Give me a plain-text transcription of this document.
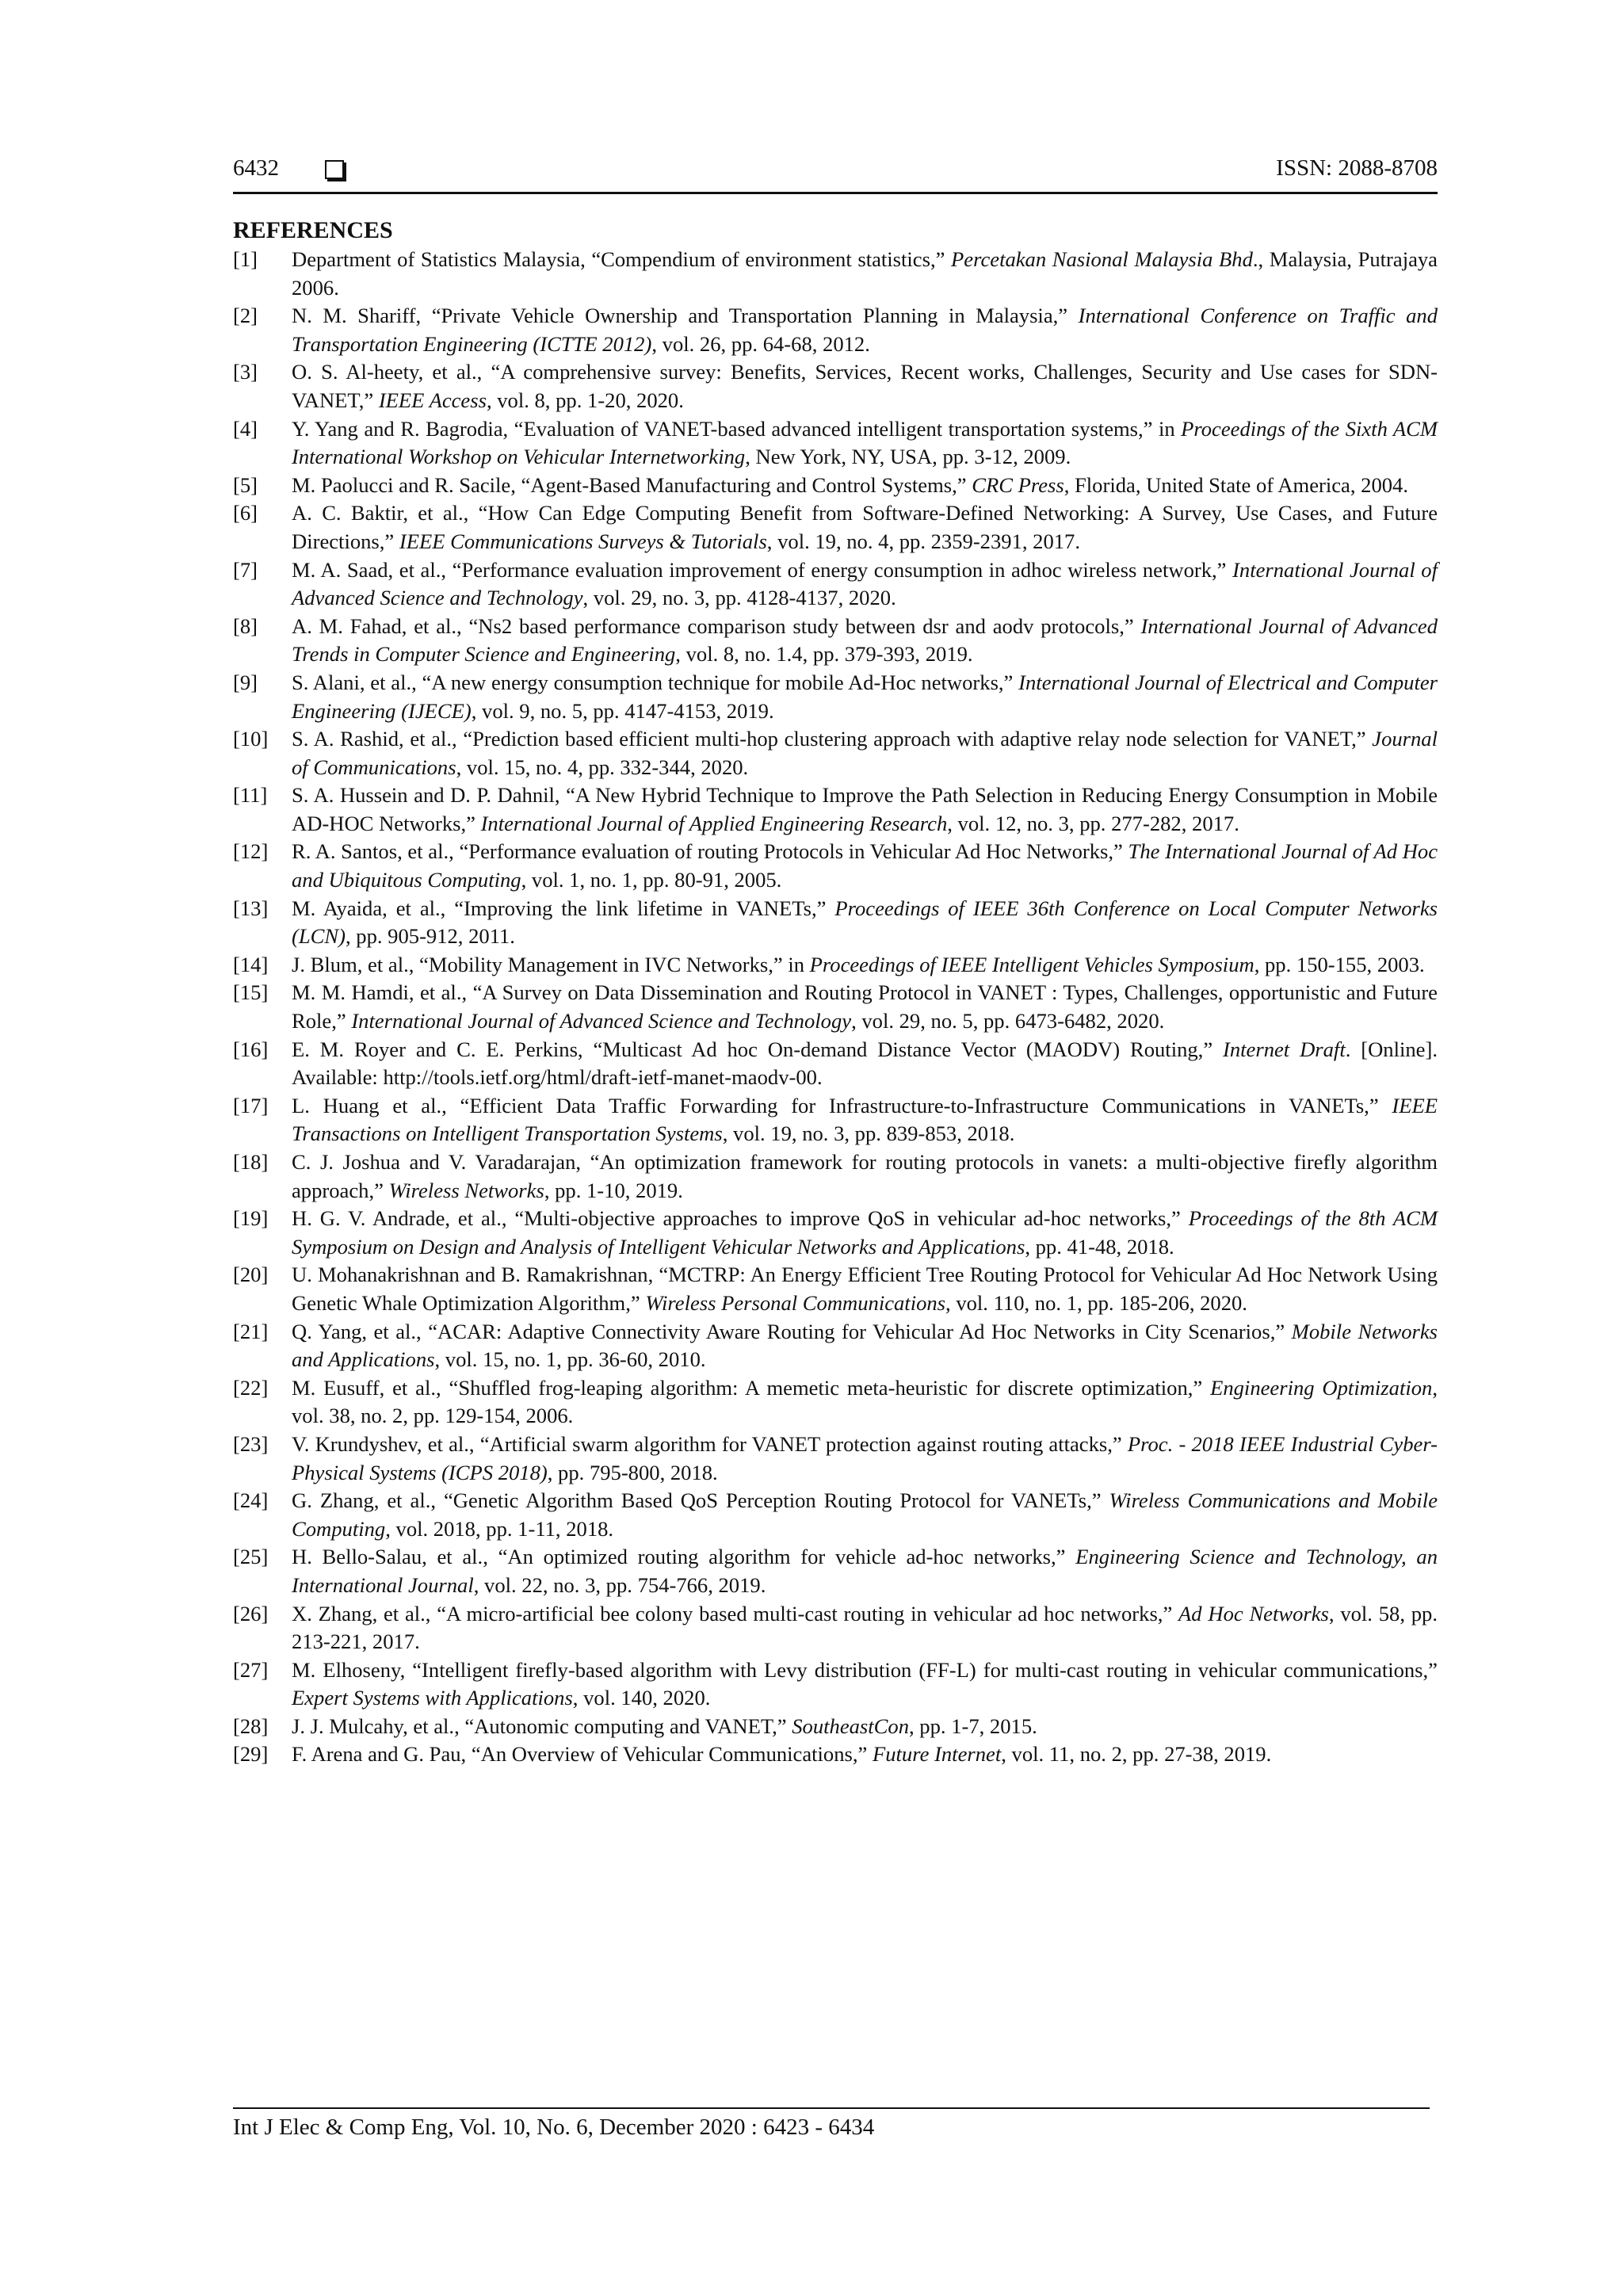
6432	ISSN: 2088-8708
REFERENCES
[1] Department of Statistics Malaysia, “Compendium of environment statistics,” Percetakan Nasional Malaysia Bhd., Malaysia, Putrajaya 2006.
[2] N. M. Shariff, “Private Vehicle Ownership and Transportation Planning in Malaysia,” International Conference on Traffic and Transportation Engineering (ICTTE 2012), vol. 26, pp. 64-68, 2012.
[3] O. S. Al-heety, et al., “A comprehensive survey: Benefits, Services, Recent works, Challenges, Security and Use cases for SDN-VANET,” IEEE Access, vol. 8, pp. 1-20, 2020.
[4] Y. Yang and R. Bagrodia, “Evaluation of VANET-based advanced intelligent transportation systems,” in Proceedings of the Sixth ACM International Workshop on Vehicular Internetworking, New York, NY, USA, pp. 3-12, 2009.
[5] M. Paolucci and R. Sacile, “Agent-Based Manufacturing and Control Systems,” CRC Press, Florida, United State of America, 2004.
[6] A. C. Baktir, et al., “How Can Edge Computing Benefit from Software-Defined Networking: A Survey, Use Cases, and Future Directions,” IEEE Communications Surveys & Tutorials, vol. 19, no. 4, pp. 2359-2391, 2017.
[7] M. A. Saad, et al., “Performance evaluation improvement of energy consumption in adhoc wireless network,” International Journal of Advanced Science and Technology, vol. 29, no. 3, pp. 4128-4137, 2020.
[8] A. M. Fahad, et al., “Ns2 based performance comparison study between dsr and aodv protocols,” International Journal of Advanced Trends in Computer Science and Engineering, vol. 8, no. 1.4, pp. 379-393, 2019.
[9] S. Alani, et al., “A new energy consumption technique for mobile Ad-Hoc networks,” International Journal of Electrical and Computer Engineering (IJECE), vol. 9, no. 5, pp. 4147-4153, 2019.
[10] S. A. Rashid, et al., “Prediction based efficient multi-hop clustering approach with adaptive relay node selection for VANET,” Journal of Communications, vol. 15, no. 4, pp. 332-344, 2020.
[11] S. A. Hussein and D. P. Dahnil, “A New Hybrid Technique to Improve the Path Selection in Reducing Energy Consumption in Mobile AD-HOC Networks,” International Journal of Applied Engineering Research, vol. 12, no. 3, pp. 277-282, 2017.
[12] R. A. Santos, et al., “Performance evaluation of routing Protocols in Vehicular Ad Hoc Networks,” The International Journal of Ad Hoc and Ubiquitous Computing, vol. 1, no. 1, pp. 80-91, 2005.
[13] M. Ayaida, et al., “Improving the link lifetime in VANETs,” Proceedings of IEEE 36th Conference on Local Computer Networks (LCN), pp. 905-912, 2011.
[14] J. Blum, et al., “Mobility Management in IVC Networks,” in Proceedings of IEEE Intelligent Vehicles Symposium, pp. 150-155, 2003.
[15] M. M. Hamdi, et al., “A Survey on Data Dissemination and Routing Protocol in VANET : Types, Challenges, opportunistic and Future Role,” International Journal of Advanced Science and Technology, vol. 29, no. 5, pp. 6473-6482, 2020.
[16] E. M. Royer and C. E. Perkins, “Multicast Ad hoc On-demand Distance Vector (MAODV) Routing,” Internet Draft. [Online]. Available: http://tools.ietf.org/html/draft-ietf-manet-maodv-00.
[17] L. Huang et al., “Efficient Data Traffic Forwarding for Infrastructure-to-Infrastructure Communications in VANETs,” IEEE Transactions on Intelligent Transportation Systems, vol. 19, no. 3, pp. 839-853, 2018.
[18] C. J. Joshua and V. Varadarajan, “An optimization framework for routing protocols in vanets: a multi-objective firefly algorithm approach,” Wireless Networks, pp. 1-10, 2019.
[19] H. G. V. Andrade, et al., “Multi-objective approaches to improve QoS in vehicular ad-hoc networks,” Proceedings of the 8th ACM Symposium on Design and Analysis of Intelligent Vehicular Networks and Applications, pp. 41-48, 2018.
[20] U. Mohanakrishnan and B. Ramakrishnan, “MCTRP: An Energy Efficient Tree Routing Protocol for Vehicular Ad Hoc Network Using Genetic Whale Optimization Algorithm,” Wireless Personal Communications, vol. 110, no. 1, pp. 185-206, 2020.
[21] Q. Yang, et al., “ACAR: Adaptive Connectivity Aware Routing for Vehicular Ad Hoc Networks in City Scenarios,” Mobile Networks and Applications, vol. 15, no. 1, pp. 36-60, 2010.
[22] M. Eusuff, et al., “Shuffled frog-leaping algorithm: A memetic meta-heuristic for discrete optimization,” Engineering Optimization, vol. 38, no. 2, pp. 129-154, 2006.
[23] V. Krundyshev, et al., “Artificial swarm algorithm for VANET protection against routing attacks,” Proc. - 2018 IEEE Industrial Cyber-Physical Systems (ICPS 2018), pp. 795-800, 2018.
[24] G. Zhang, et al., “Genetic Algorithm Based QoS Perception Routing Protocol for VANETs,” Wireless Communications and Mobile Computing, vol. 2018, pp. 1-11, 2018.
[25] H. Bello-Salau, et al., “An optimized routing algorithm for vehicle ad-hoc networks,” Engineering Science and Technology, an International Journal, vol. 22, no. 3, pp. 754-766, 2019.
[26] X. Zhang, et al., “A micro-artificial bee colony based multi-cast routing in vehicular ad hoc networks,” Ad Hoc Networks, vol. 58, pp. 213-221, 2017.
[27] M. Elhoseny, “Intelligent firefly-based algorithm with Levy distribution (FF-L) for multi-cast routing in vehicular communications,” Expert Systems with Applications, vol. 140, 2020.
[28] J. J. Mulcahy, et al., “Autonomic computing and VANET,” SoutheastCon, pp. 1-7, 2015.
[29] F. Arena and G. Pau, “An Overview of Vehicular Communications,” Future Internet, vol. 11, no. 2, pp. 27-38, 2019.
Int J Elec & Comp Eng, Vol. 10, No. 6, December 2020 : 6423 - 6434
